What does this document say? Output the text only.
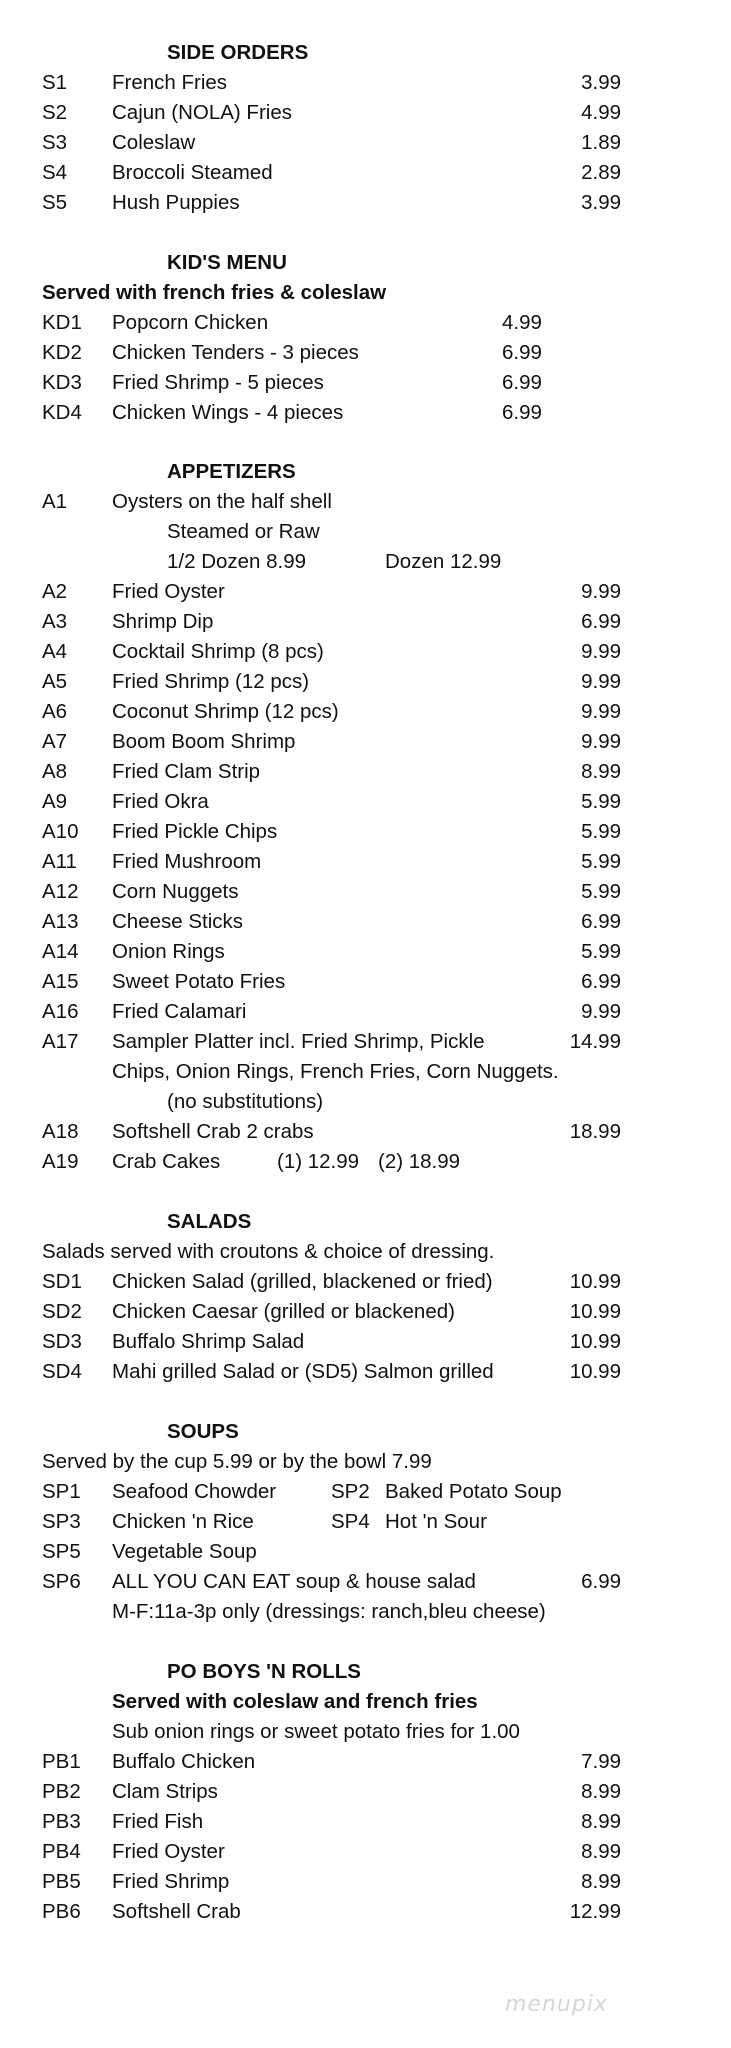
SIDE ORDERS
S1 French Fries	3.99
S2 Cajun (NOLA) Fries	4.99
S3 Coleslaw	1.89
S4 Broccoli Steamed	2.89
S5 Hush Puppies	3.99
KID'S MENU
Served with french fries & coleslaw
KD1 Popcorn Chicken	4.99
KD2 Chicken Tenders - 3 pieces	6.99
KD3 Fried Shrimp - 5 pieces	6.99
KD4 Chicken Wings - 4 pieces	6.99
APPETIZERS
A1 Oysters on the half shell
Steamed or Raw
1/2 Dozen 8.99	Dozen 12.99
A2 Fried Oyster	9.99
A3 Shrimp Dip	6.99
A4 Cocktail Shrimp (8 pcs)	9.99
A5 Fried Shrimp (12 pcs)	9.99
A6 Coconut Shrimp (12 pcs)	9.99
A7 Boom Boom Shrimp	9.99
A8 Fried Clam Strip	8.99
A9 Fried Okra	5.99
A10 Fried Pickle Chips	5.99
A11 Fried Mushroom	5.99
A12 Corn Nuggets	5.99
A13 Cheese Sticks	6.99
A14 Onion Rings	5.99
A15 Sweet Potato Fries	6.99
A16 Fried Calamari	9.99
A17 Sampler Platter incl. Fried Shrimp, Pickle	14.99
Chips, Onion Rings, French Fries, Corn Nuggets.
(no substitutions)
A18 Softshell Crab 2 crabs	18.99
A19 Crab Cakes	(1) 12.99 (2) 18.99
SALADS
Salads served with croutons & choice of dressing.
SD1 Chicken Salad (grilled, blackened or fried)	10.99
SD2 Chicken Caesar (grilled or blackened)	10.99
SD3 Buffalo Shrimp Salad	10.99
SD4 Mahi grilled Salad or (SD5) Salmon grilled	10.99
SOUPS
Served by the cup 5.99 or by the bowl 7.99
SP1 Seafood Chowder	SP2 Baked Potato Soup
SP3 Chicken 'n Rice	SP4 Hot 'n Sour
SP5 Vegetable Soup
SP6 ALL YOU CAN EAT soup & house salad	6.99
M-F:11a-3p only (dressings: ranch,bleu cheese)
PO BOYS 'N ROLLS
Served with coleslaw and french fries
Sub onion rings or sweet potato fries for 1.00
PB1 Buffalo Chicken	7.99
PB2 Clam Strips	8.99
PB3 Fried Fish	8.99
PB4 Fried Oyster	8.99
PB5 Fried Shrimp	8.99
PB6 Softshell Crab	12.99
menupix
